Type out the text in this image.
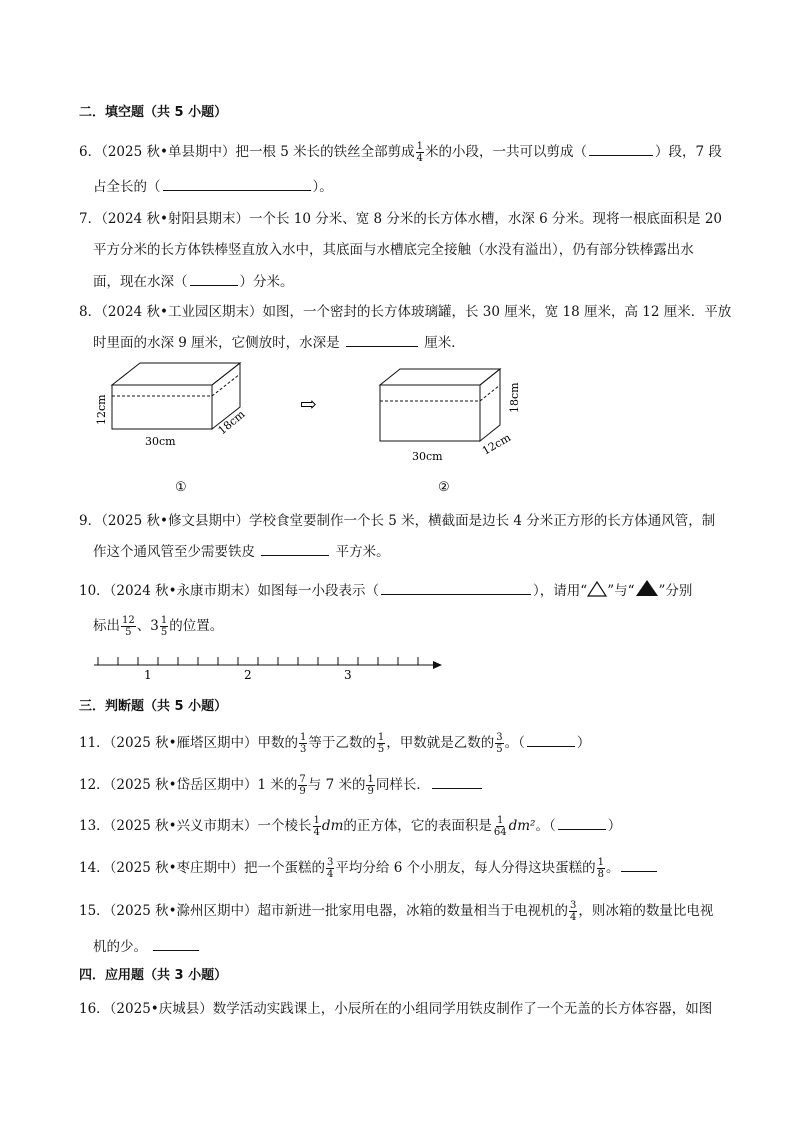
二．填空题（共 5 小题）
6．（2025 秋•单县期中）把一根 5 米长的铁丝全部剪成 $\frac{1}{4}$ 米的小段，一共可以剪成（	）段，7 段
占全长的（	）。
7．（2024 秋•射阳县期末）一个长 10 分米、宽 8 分米的长方体水槽，水深 6 分米。现将一根底面积是 20
平方分米的长方体铁棒竖直放入水中，其底面与水槽底完全接触（水没有溢出），仍有部分铁棒露出水
面，现在水深（	）分米。
8．（2024 秋•工业园区期末）如图，一个密封的长方体玻璃罐，长 30 厘米，宽 18 厘米，高 12 厘米．平放
时里面的水深 9 厘米，它侧放时，水深是	厘米．
12cm
30cm
18cm
①
⇨	18cm
30cm	12cm
②
9．（2025 秋•修文县期中）学校食堂要制作一个长 5 米，横截面是边长 4 分米正方形的长方体通风管，制
作这个通风管至少需要铁皮	平方米。
10．（2024 秋•永康市期末）如图每一小段表示（	），请用“ ”与“ ”分别
标出 $\frac{12}{5}$ 、$3 \frac{1}{5}$ 的位置。
1	2	3
三．判断题（共 5 小题）
11．（2025 秋•雁塔区期中）甲数的 $\frac{1}{3}$ 等于乙数的 $\frac{1}{5}$ ，甲数就是乙数的 $\frac{3}{5}$ 。（	）
12．（2025 秋•岱岳区期中）1 米的 $\frac{7}{9}$ 与 7 米的 $\frac{1}{9}$ 同样长．
13．（2025 秋•兴义市期末）一个棱长 $\frac{1}{4}$ dm的正方体，它的表面积是 $\frac{1}{64} dm^2$。（	）
14．（2025 秋•枣庄期中）把一个蛋糕的 $\frac{3}{4}$ 平均分给 6 个小朋友，每人分得这块蛋糕的 $\frac{1}{8}$ 。
15．（2025 秋•滁州区期中）超市新进一批家用电器，冰箱的数量相当于电视机的 $\frac{3}{4}$ ，则冰箱的数量比电视
机的少。
四．应用题（共 3 小题）
16．（2025•庆城县）数学活动实践课上，小辰所在的小组同学用铁皮制作了一个无盖的长方体容器，如图
